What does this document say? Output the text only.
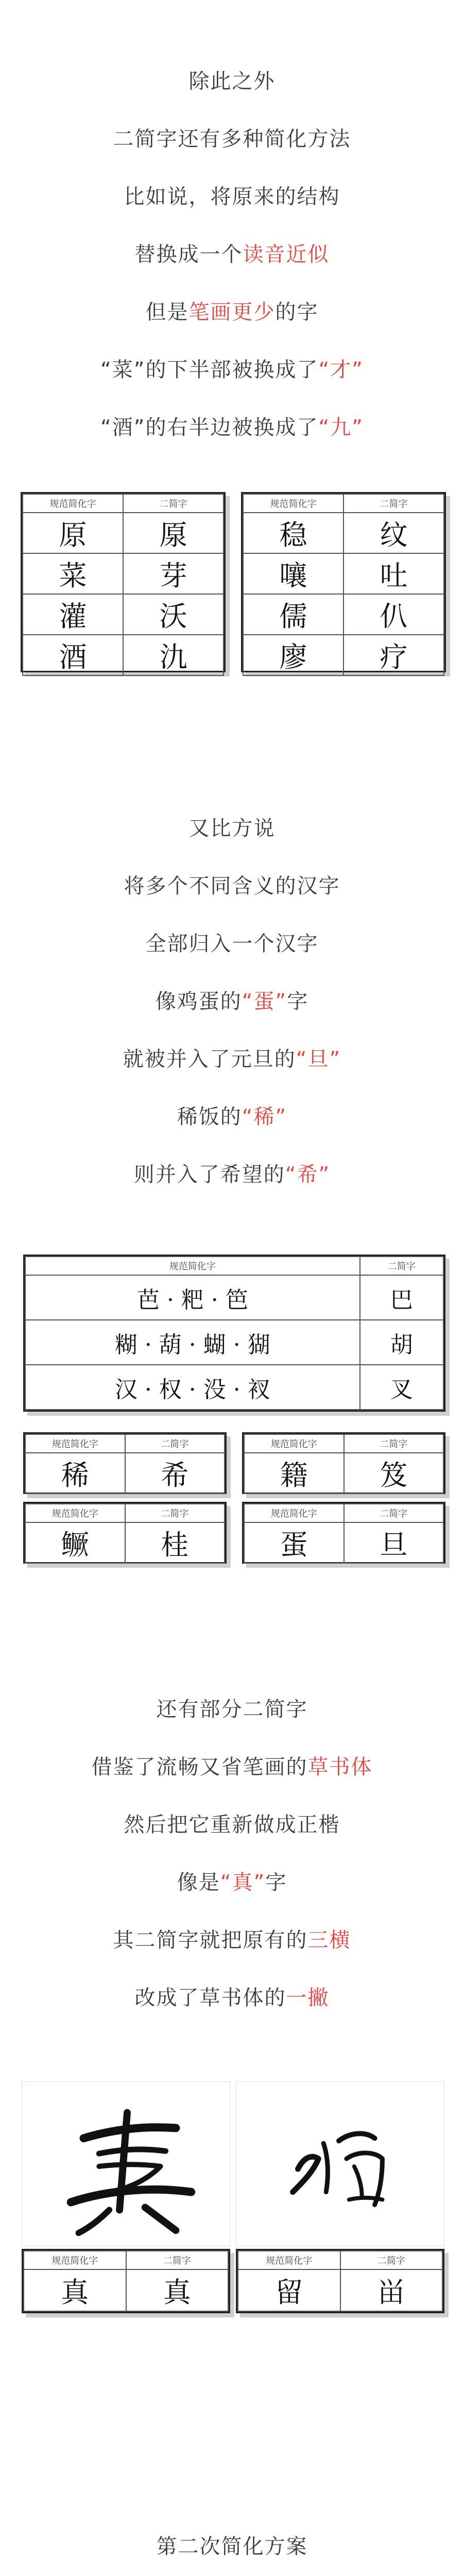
除此之外
二简字还有多种简化方法
比如说，将原来的结构
替换成一个读音近似
但是笔画更少的字
“菜”的下半部被换成了“才”
“酒”的右半边被换成了“九”
规范简化字	二简字
原	厡
菜	芽
灌	沃
酒	氿
规范简化字	二简字
稳	纹
嚷	吐
儒	仈
廖	疗
又比方说
将多个不同含义的汉字
全部归入一个汉字
像鸡蛋的“蛋”字
就被并入了元旦的“旦”
稀饭的“稀”
则并入了希望的“希”
规范简化字	二简字
芭 · 粑 · 笆	巴
糊 · 葫 · 蝴 · 猢	胡
汉 · 权 · 没 · 衩	叉
规范简化字	二简字
稀	希
规范简化字	二简字
籍	笈
规范简化字	二简字
鳜	桂
规范简化字	二简字
蛋	旦
还有部分二简字
借鉴了流畅又省笔画的草书体
然后把它重新做成正楷
像是“真”字
其二简字就把原有的三横
改成了草书体的一撇
规范简化字	二简字
真	真
规范简化字	二简字
留	畄
第二次简化方案
